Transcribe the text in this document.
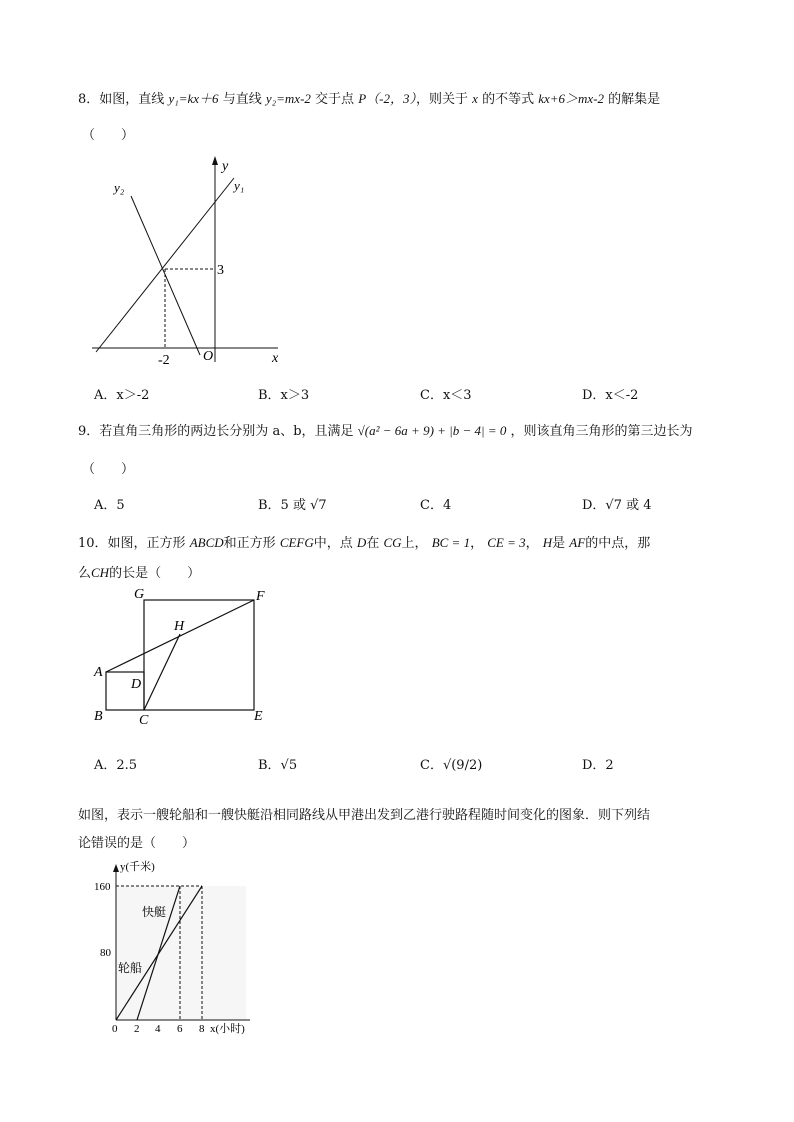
8．如图，直线 y₁=kx＋6 与直线 y₂=mx-2 交于点 P（-2，3），则关于 x 的不等式 kx+6＞mx-2 的解集是
（　　）
y
y₁
y₂
3
-2 O	x
A．x＞-2	B．x＞3	C．x＜3	D．x＜-2
9．若直角三角形的两边长分别为 a、b，且满足 √(a² − 6a + 9) + |b − 4| = 0 ，则该直角三角形的第三边长为
（　　）
A．5	B．5 或 √7	C．4	D．√7 或 4
10．如图，正方形 ABCD和正方形 CEFG中，点 D在 CG上， BC = 1， CE = 3， H是 AF的中点，那
么CH的长是（　　）
G	F
H
A
D
B	C	E
A．2.5	B．√5	C．√(9/2)	D．2
如图，表示一艘轮船和一艘快艇沿相同路线从甲港出发到乙港行驶路程随时间变化的图象．则下列结
论错误的是（　　）
y(千米)
160
80
快艇
轮船
0 2 4 6 8 x(小时)
